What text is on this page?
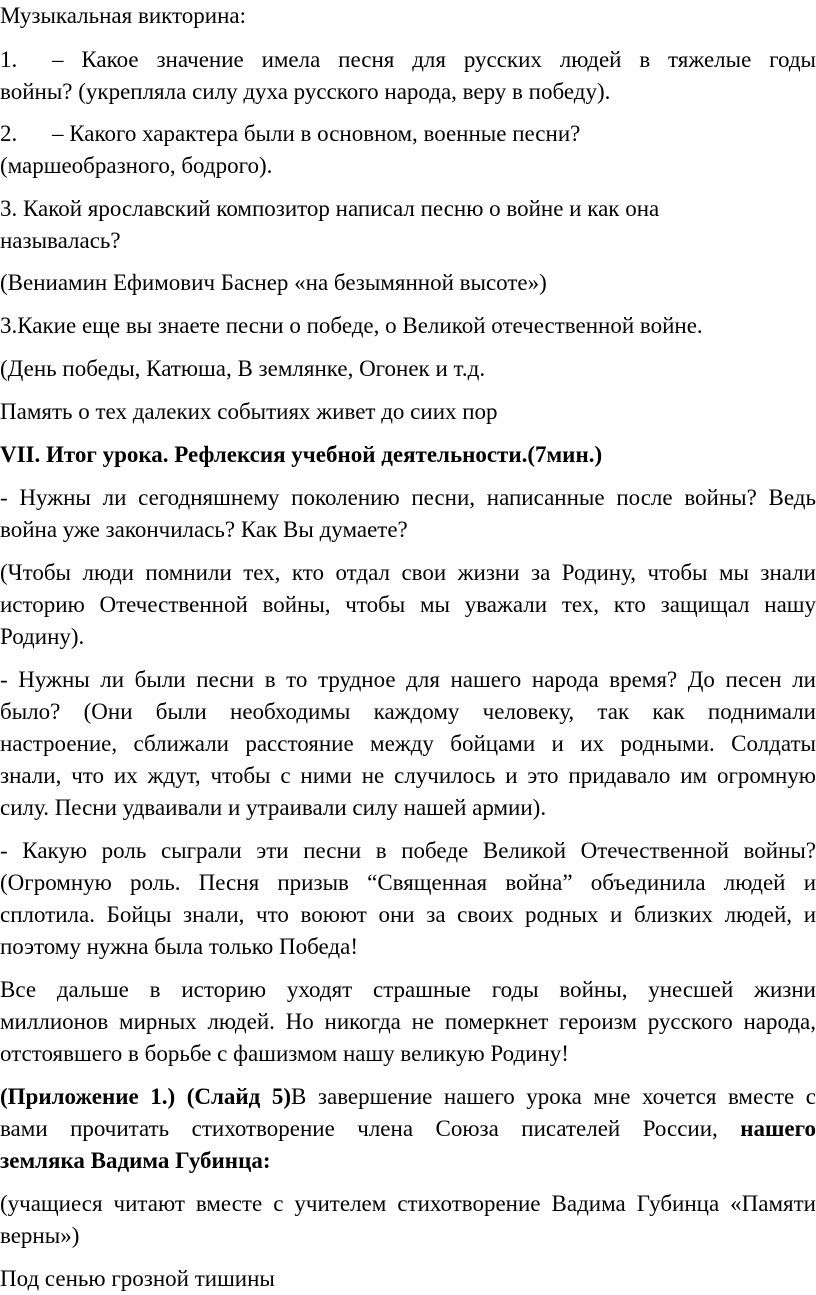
Музыкальная викторина:
1. – Какое значение имела песня для русских людей в тяжелые годы
войны? (укрепляла силу духа русского народа, веру в победу).
2. – Какого характера были в основном, военные песни?
(маршеобразного, бодрого).
3. Какой ярославский композитор написал песню о войне и как она
называлась?
(Вениамин Ефимович Баснер «на безымянной высоте»)
3.Какие еще вы знаете песни о победе, о Великой отечественной войне.
(День победы, Катюша, В землянке, Огонек и т.д.
Память о тех далеких событиях живет до сиих пор
VII. Итог урока. Рефлексия учебной деятельности.(7мин.)
- Нужны ли сегодняшнему поколению песни, написанные после войны? Ведь
война уже закончилась? Как Вы думаете?
(Чтобы люди помнили тех, кто отдал свои жизни за Родину, чтобы мы знали
историю Отечественной войны, чтобы мы уважали тех, кто защищал нашу
Родину).
- Нужны ли были песни в то трудное для нашего народа время? До песен ли
было? (Они были необходимы каждому человеку, так как поднимали
настроение, сближали расстояние между бойцами и их родными. Солдаты
знали, что их ждут, чтобы с ними не случилось и это придавало им огромную
силу. Песни удваивали и утраивали силу нашей армии).
- Какую роль сыграли эти песни в победе Великой Отечественной войны?
(Огромную роль. Песня призыв “Священная война” объединила людей и
сплотила. Бойцы знали, что воюют они за своих родных и близких людей, и
поэтому нужна была только Победа!
Все дальше в историю уходят страшные годы войны, унесшей жизни
миллионов мирных людей. Но никогда не померкнет героизм русского народа,
отстоявшего в борьбе с фашизмом нашу великую Родину!
(Приложение 1.) (Слайд 5)В завершение нашего урока мне хочется вместе с
вами прочитать стихотворение члена Союза писателей России, нашего
земляка Вадима Губинца:
(учащиеся читают вместе с учителем стихотворение Вадима Губинца «Памяти
верны»)
Под сенью грозной тишины
